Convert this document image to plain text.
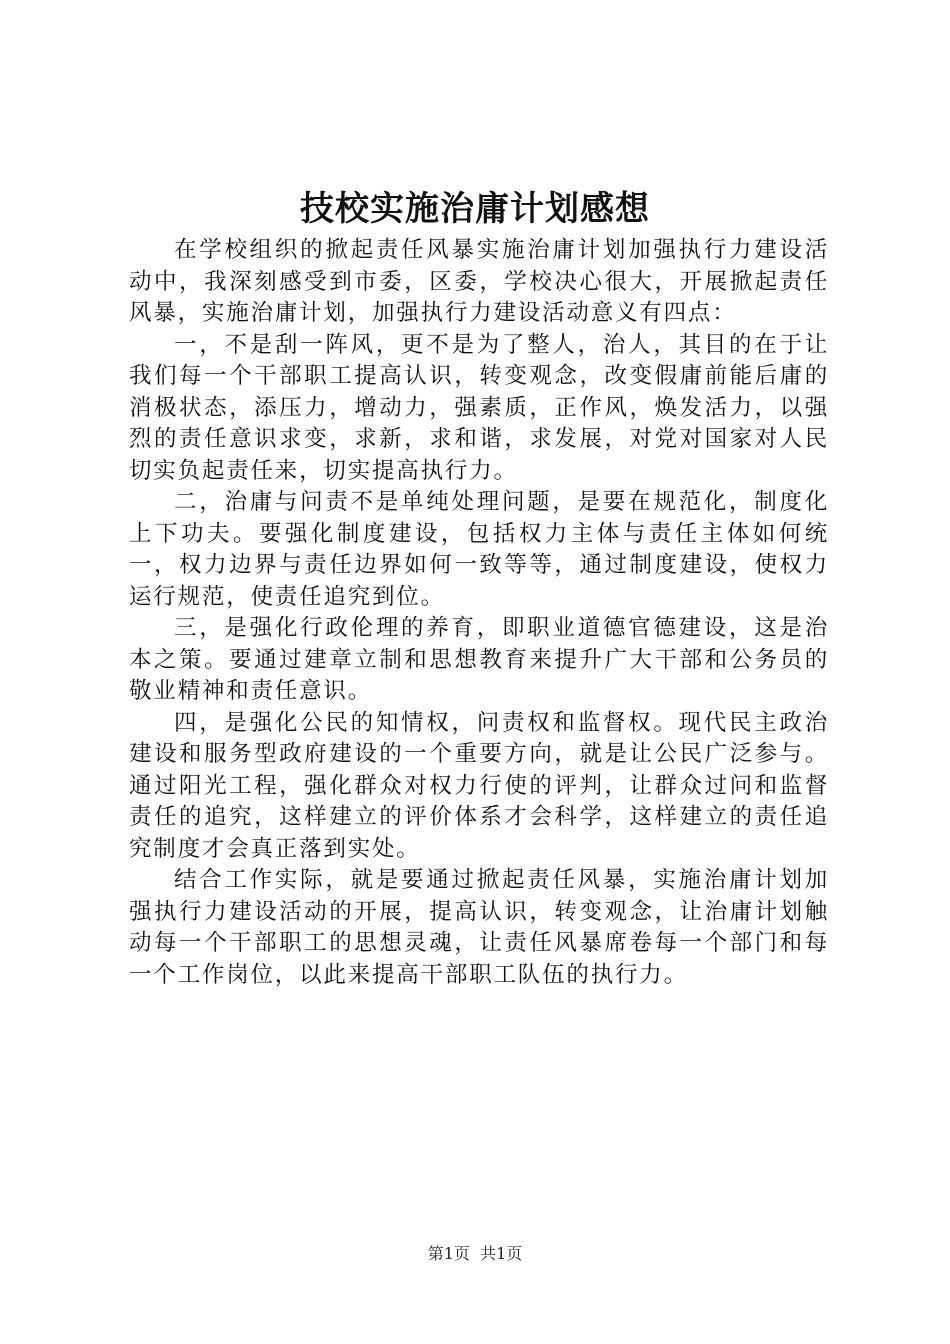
技校实施治庸计划感想

在学校组织的掀起责任风暴实施治庸计划加强执行力建设活动中，我深刻感受到市委，区委，学校决心很大，开展掀起责任风暴，实施治庸计划，加强执行力建设活动意义有四点：

一，不是刮一阵风，更不是为了整人，治人，其目的在于让我们每一个干部职工提高认识，转变观念，改变假庸前能后庸的消极状态，添压力，增动力，强素质，正作风，焕发活力，以强烈的责任意识求变，求新，求和谐，求发展，对党对国家对人民切实负起责任来，切实提高执行力。

二，治庸与问责不是单纯处理问题，是要在规范化，制度化上下功夫。要强化制度建设，包括权力主体与责任主体如何统一，权力边界与责任边界如何一致等等，通过制度建设，使权力运行规范，使责任追究到位。

三，是强化行政伦理的养育，即职业道德官德建设，这是治本之策。要通过建章立制和思想教育来提升广大干部和公务员的敬业精神和责任意识。

四，是强化公民的知情权，问责权和监督权。现代民主政治建设和服务型政府建设的一个重要方向，就是让公民广泛参与。通过阳光工程，强化群众对权力行使的评判，让群众过问和监督责任的追究，这样建立的评价体系才会科学，这样建立的责任追究制度才会真正落到实处。

结合工作实际，就是要通过掀起责任风暴，实施治庸计划加强执行力建设活动的开展，提高认识，转变观念，让治庸计划触动每一个干部职工的思想灵魂，让责任风暴席卷每一个部门和每一个工作岗位，以此来提高干部职工队伍的执行力。

第1页 共1页
